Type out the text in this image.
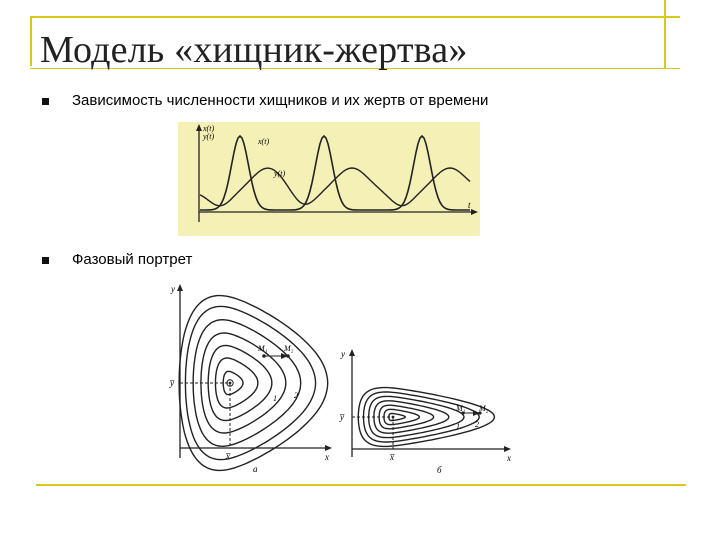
Модель «хищник-жертва»
Зависимость численности хищников и их жертв от времени
Фазовый портрет
x(t)
y(t)
x(t)
y(t)
t
y
x
y̅
x̅
M₁ M₂
1 2
а
y
x
y̅
x̅
M₁ M₂
1 2
б
